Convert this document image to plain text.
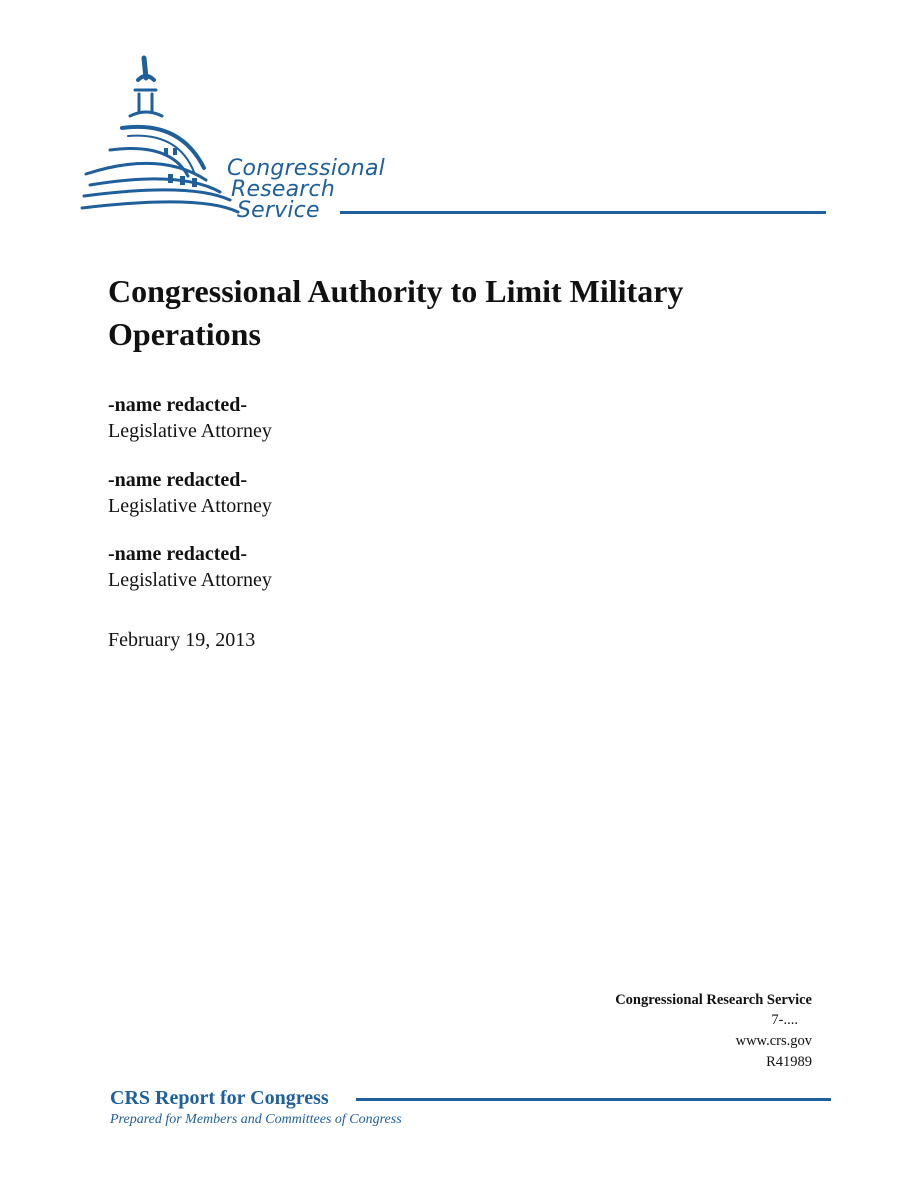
Congressional
Research
Service
Congressional Authority to Limit Military Operations
-name redacted-
Legislative Attorney
-name redacted-
Legislative Attorney
-name redacted-
Legislative Attorney
February 19, 2013
Congressional Research Service
7-....
www.crs.gov
R41989
CRS Report for Congress
Prepared for Members and Committees of Congress
